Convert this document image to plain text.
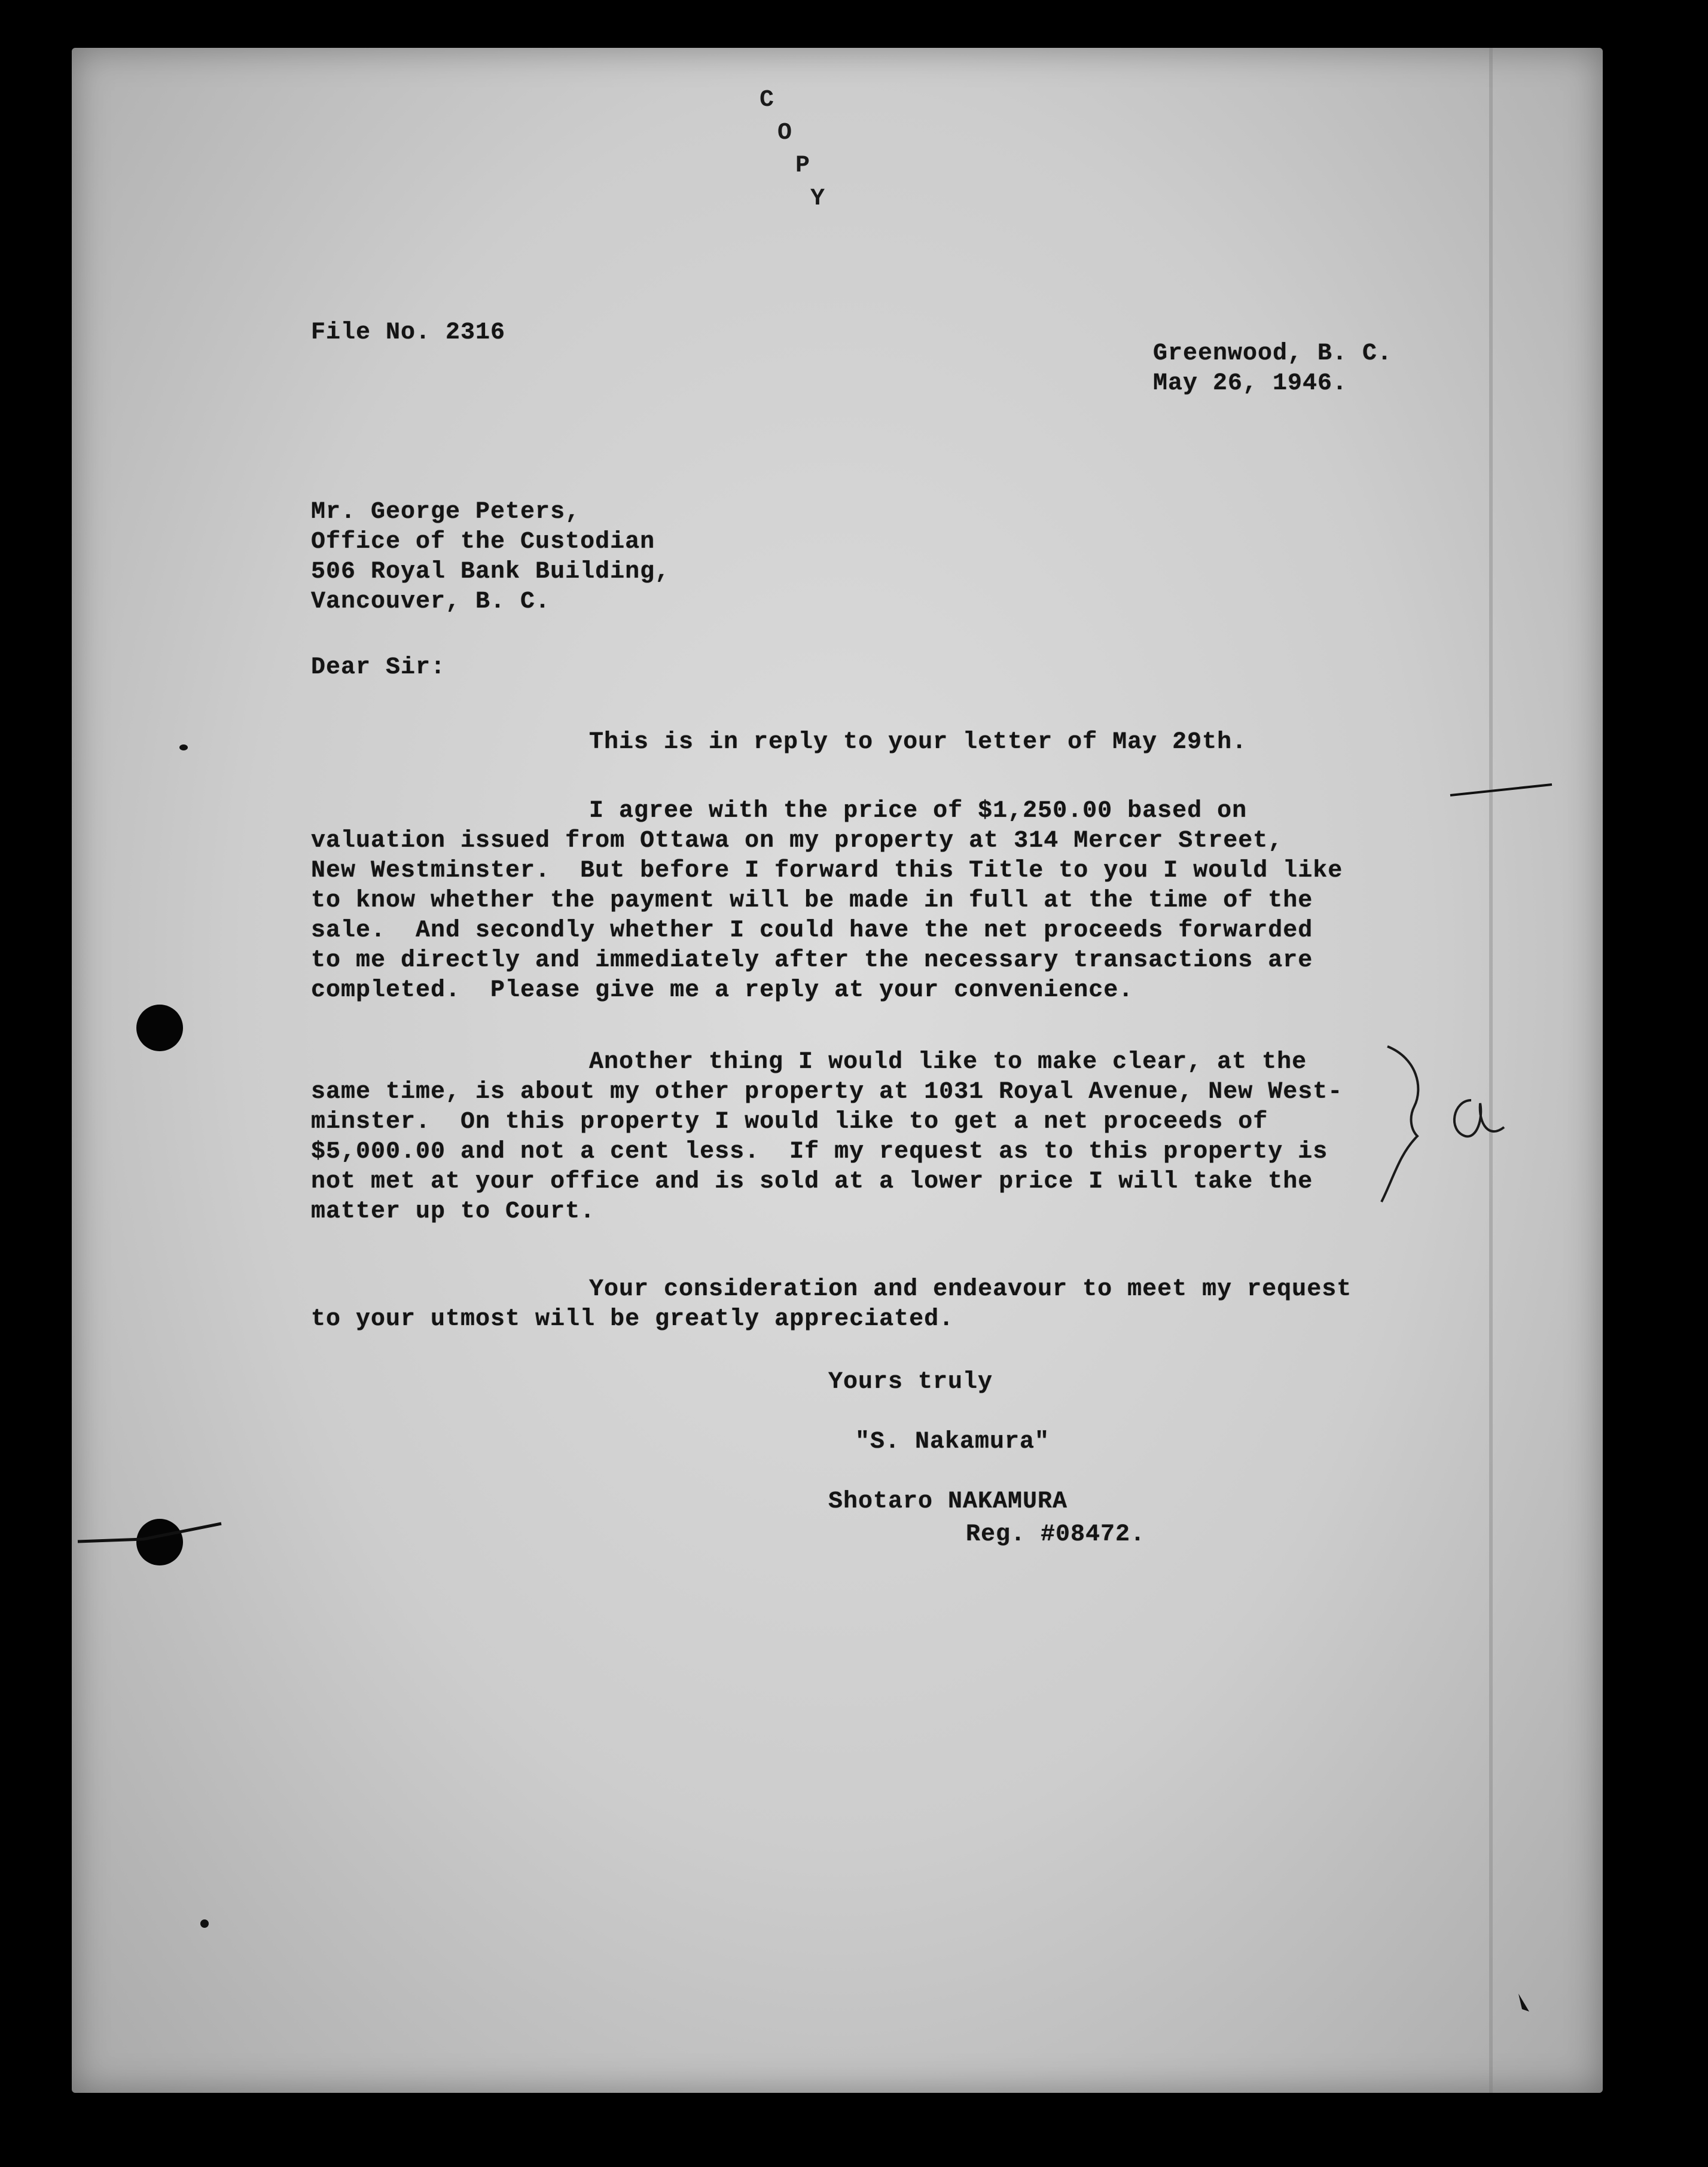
C
O
P
Y
File No. 2316
Greenwood, B. C.
May 26, 1946.
Mr. George Peters,
Office of the Custodian
506 Royal Bank Building,
Vancouver, B. C.
Dear Sir:
This is in reply to your letter of May 29th.
I agree with the price of $1,250.00 based on
valuation issued from Ottawa on my property at 314 Mercer Street,
New Westminster.  But before I forward this Title to you I would like
to know whether the payment will be made in full at the time of the
sale.  And secondly whether I could have the net proceeds forwarded
to me directly and immediately after the necessary transactions are
completed.  Please give me a reply at your convenience.
Another thing I would like to make clear, at the
same time, is about my other property at 1031 Royal Avenue, New West-
minster.  On this property I would like to get a net proceeds of
$5,000.00 and not a cent less.  If my request as to this property is
not met at your office and is sold at a lower price I will take the
matter up to Court.
Your consideration and endeavour to meet my request
to your utmost will be greatly appreciated.
Yours truly
"S. Nakamura"
Shotaro NAKAMURA
Reg. #08472.
